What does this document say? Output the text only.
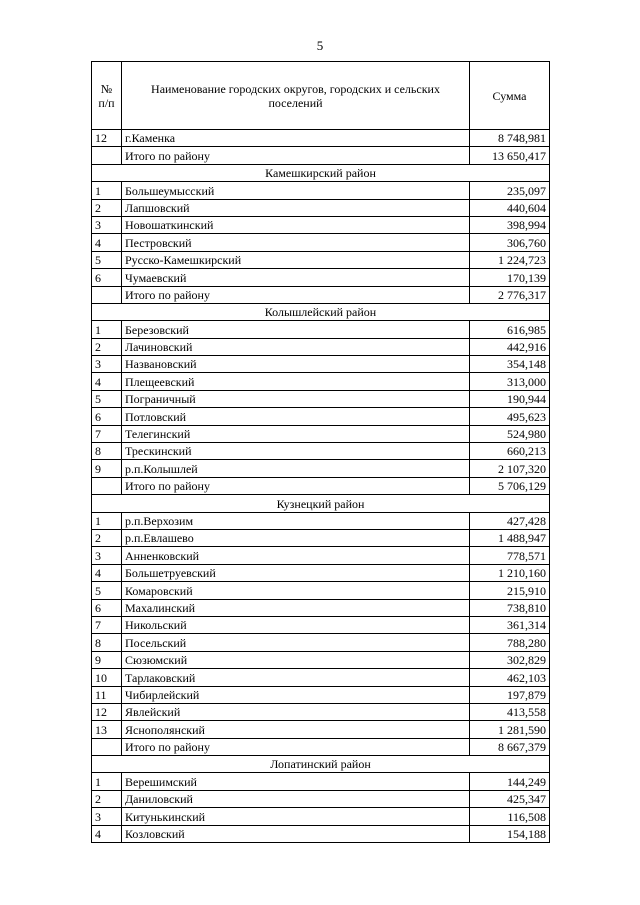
5
№ п/п	Наименование городских округов, городских и сельских поселений	Сумма
12	г.Каменка	8 748,981
	Итого по району	13 650,417
Камешкирский район		
1	Большеумысский	235,097
2	Лапшовский	440,604
3	Новошаткинский	398,994
4	Пестровский	306,760
5	Русско-Камешкирский	1 224,723
6	Чумаевский	170,139
	Итого по району	2 776,317
Колышлейский район		
1	Березовский	616,985
2	Лачиновский	442,916
3	Названовский	354,148
4	Плещеевский	313,000
5	Пограничный	190,944
6	Потловский	495,623
7	Телегинский	524,980
8	Трескинский	660,213
9	р.п.Колышлей	2 107,320
	Итого по району	5 706,129
Кузнецкий район		
1	р.п.Верхозим	427,428
2	р.п.Евлашево	1 488,947
3	Анненковский	778,571
4	Большетруевский	1 210,160
5	Комаровский	215,910
6	Махалинский	738,810
7	Никольский	361,314
8	Посельский	788,280
9	Сюзюмский	302,829
10	Тарлаковский	462,103
11	Чибирлейский	197,879
12	Явлейский	413,558
13	Яснополянский	1 281,590
	Итого по району	8 667,379
Лопатинский район		
1	Верешимский	144,249
2	Даниловский	425,347
3	Китунькинский	116,508
4	Козловский	154,188
